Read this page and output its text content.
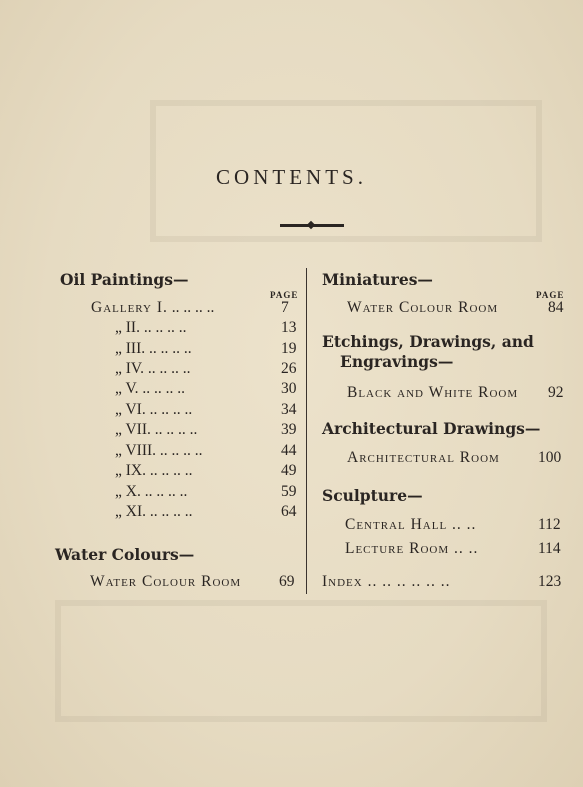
CONTENTS.
Oil Paintings—
PAGE
Gallery I. .. .. .. ..	7
„ II. .. .. .. ..	13
„ III. .. .. .. ..	19
„ IV. .. .. .. ..	26
„ V. .. .. .. ..	30
„ VI. .. .. .. ..	34
„ VII. .. .. .. ..	39
„ VIII. .. .. .. ..	44
„ IX. .. .. .. ..	49
„ X. .. .. .. ..	59
„ XI. .. .. .. ..	64
Water Colours—
Water Colour Room 69
Miniatures—
PAGE
Water Colour Room	84
Etchings, Drawings, and
Engravings—
Black and White Room 92
Architectural Drawings—
Architectural Room 100
Sculpture—
Central Hall .. ..	112
Lecture Room .. ..	114
Index .. .. .. .. .. ..	123
